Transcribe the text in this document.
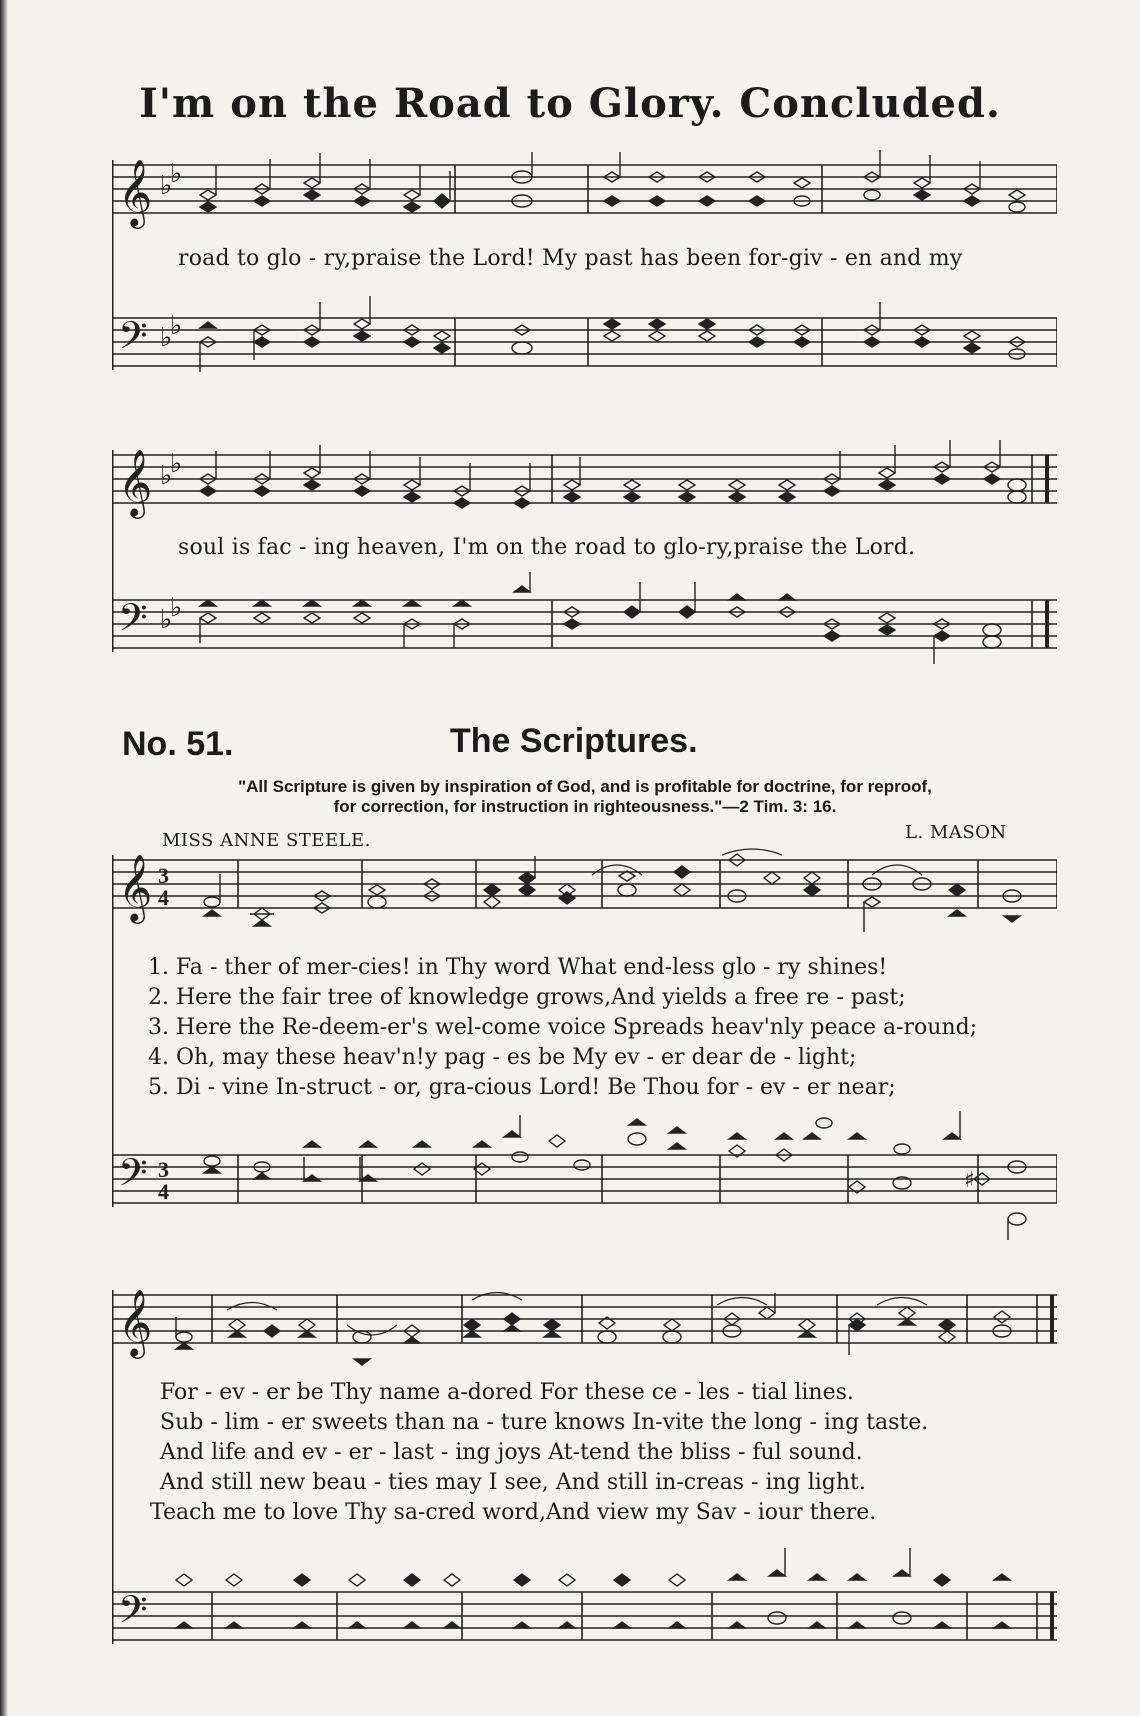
I'm on the Road to Glory. Concluded.
𝄞
𝄢
♭
♭
♭
♭
road to glo - ry,praise the Lord! My past has been for-giv - en and my
𝄞
𝄢
♭
♭
♭
♭
soul is fac - ing heaven, I'm on the road to glo-ry,praise the Lord.
No. 51.	The Scriptures.
"All Scripture is given by inspiration of God, and is profitable for doctrine, for reproof,
for correction, for instruction in righteousness."—2 Tim. 3: 16.
MISS ANNE STEELE.	L. MASON
𝄞
𝄢
3
4
3
4	♯
1. Fa - ther of mer-cies! in Thy word What end-less glo - ry shines!
2. Here the fair tree of knowledge grows,And yields a free re - past;
3. Here the Re-deem-er's wel-come voice Spreads heav'nly peace a-round;
4. Oh, may these heav'n!y pag - es be My ev - er dear de - light;
5. Di - vine In-struct - or, gra-cious Lord! Be Thou for - ev - er near;
𝄞
𝄢
For - ev - er be Thy name a-dored For these ce - les - tial lines.
Sub - lim - er sweets than na - ture knows In-vite the long - ing taste.
And life and ev - er - last - ing joys At-tend the bliss - ful sound.
And still new beau - ties may I see, And still in-creas - ing light.
Teach me to love Thy sa-cred word,And view my Sav - iour there.
